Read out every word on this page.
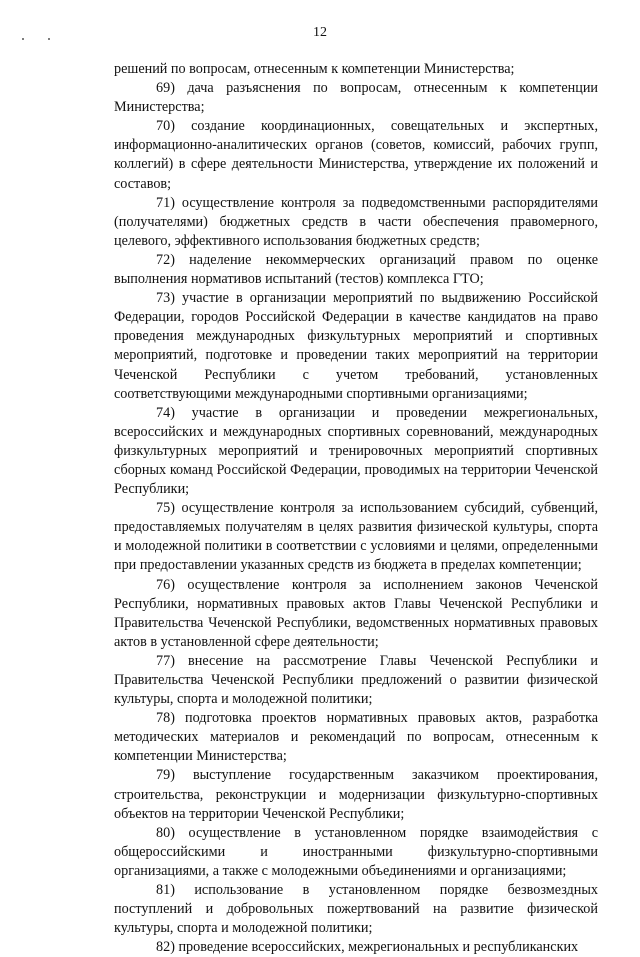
12

решений по вопросам, отнесенным к компетенции Министерства;

69) дача разъяснения по вопросам, отнесенным к компетенции Министерства;

70) создание координационных, совещательных и экспертных, информационно-аналитических органов (советов, комиссий, рабочих групп, коллегий) в сфере деятельности Министерства, утверждение их положений и составов;

71) осуществление контроля за подведомственными распорядителями (получателями) бюджетных средств в части обеспечения правомерного, целевого, эффективного использования бюджетных средств;

72) наделение некоммерческих организаций правом по оценке выполнения нормативов испытаний (тестов) комплекса ГТО;

73) участие в организации мероприятий по выдвижению Российской Федерации, городов Российской Федерации в качестве кандидатов на право проведения международных физкультурных мероприятий и спортивных мероприятий, подготовке и проведении таких мероприятий на территории Чеченской Республики с учетом требований, установленных соответствующими международными спортивными организациями;

74) участие в организации и проведении межрегиональных, всероссийских и международных спортивных соревнований, международных физкультурных мероприятий и тренировочных мероприятий спортивных сборных команд Российской Федерации, проводимых на территории Чеченской Республики;

75) осуществление контроля за использованием субсидий, субвенций, предоставляемых получателям в целях развития физической культуры, спорта и молодежной политики в соответствии с условиями и целями, определенными при предоставлении указанных средств из бюджета в пределах компетенции;

76) осуществление контроля за исполнением законов Чеченской Республики, нормативных правовых актов Главы Чеченской Республики и Правительства Чеченской Республики, ведомственных нормативных правовых актов в установленной сфере деятельности;

77) внесение на рассмотрение Главы Чеченской Республики и Правительства Чеченской Республики предложений о развитии физической культуры, спорта и молодежной политики;

78) подготовка проектов нормативных правовых актов, разработка методических материалов и рекомендаций по вопросам, отнесенным к компетенции Министерства;

79) выступление государственным заказчиком проектирования, строительства, реконструкции и модернизации физкультурно-спортивных объектов на территории Чеченской Республики;

80) осуществление в установленном порядке взаимодействия с общероссийскими и иностранными физкультурно-спортивными организациями, а также с молодежными объединениями и организациями;

81) использование в установленном порядке безвозмездных поступлений и добровольных пожертвований на развитие физической культуры, спорта и молодежной политики;

82) проведение всероссийских, межрегиональных и республиканских
